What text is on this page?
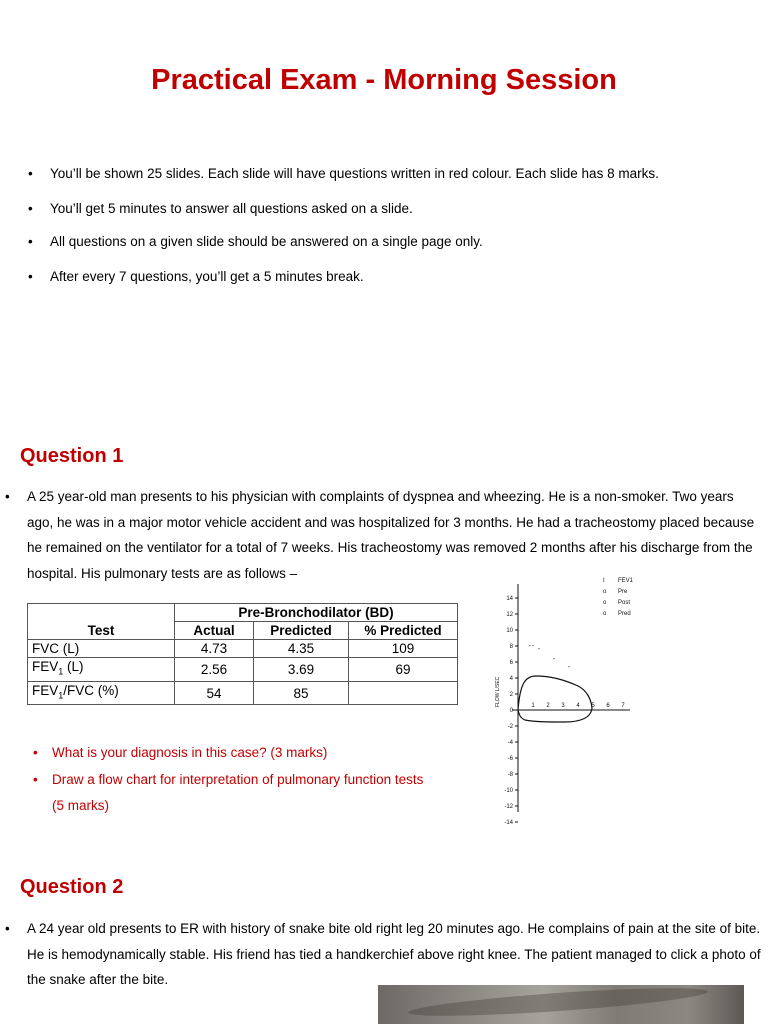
Practical Exam - Morning Session
• You’ll be shown 25 slides. Each slide will have questions written in red colour. Each slide has 8 marks.
• You’ll get 5 minutes to answer all questions asked on a slide.
• All questions on a given slide should be answered on a single page only.
• After every 7 questions, you’ll get a 5 minutes break.
Question 1
• A 25 year-old man presents to his physician with complaints of dyspnea and wheezing. He is a non-smoker. Two years ago, he was in a major motor vehicle accident and was hospitalized for 3 months. He had a tracheostomy placed because he remained on the ventilator for a total of 7 weeks. His tracheostomy was removed 2 months after his discharge from the hospital. His pulmonary tests are as follows –
	Pre-Bronchodilator (BD)		
Test	Actual	Predicted	% Predicted
FVC (L)	4.73	4.35	109
$FEV_1$ (L)	2.56	3.69	69
$FEV_1$/FVC (%)	54	85	
• What is your diagnosis in this case? (3 marks)
• Draw a flow chart for interpretation of pulmonary function tests
(5 marks)
14
12
10
8
6
4
2
0
-2
-4
-6
-8
-10
-12
-14
1 2 3 4 5 6 7
FLOW L/SEC
I FEV1
o Pre
o Post
o Pred
" " "
"
"
Question 2
• A 24 year old presents to ER with history of snake bite old right leg 20 minutes ago. He complains of pain at the site of bite. He is hemodynamically stable. His friend has tied a handkerchief above right knee. The patient managed to click a photo of the snake after the bite.
